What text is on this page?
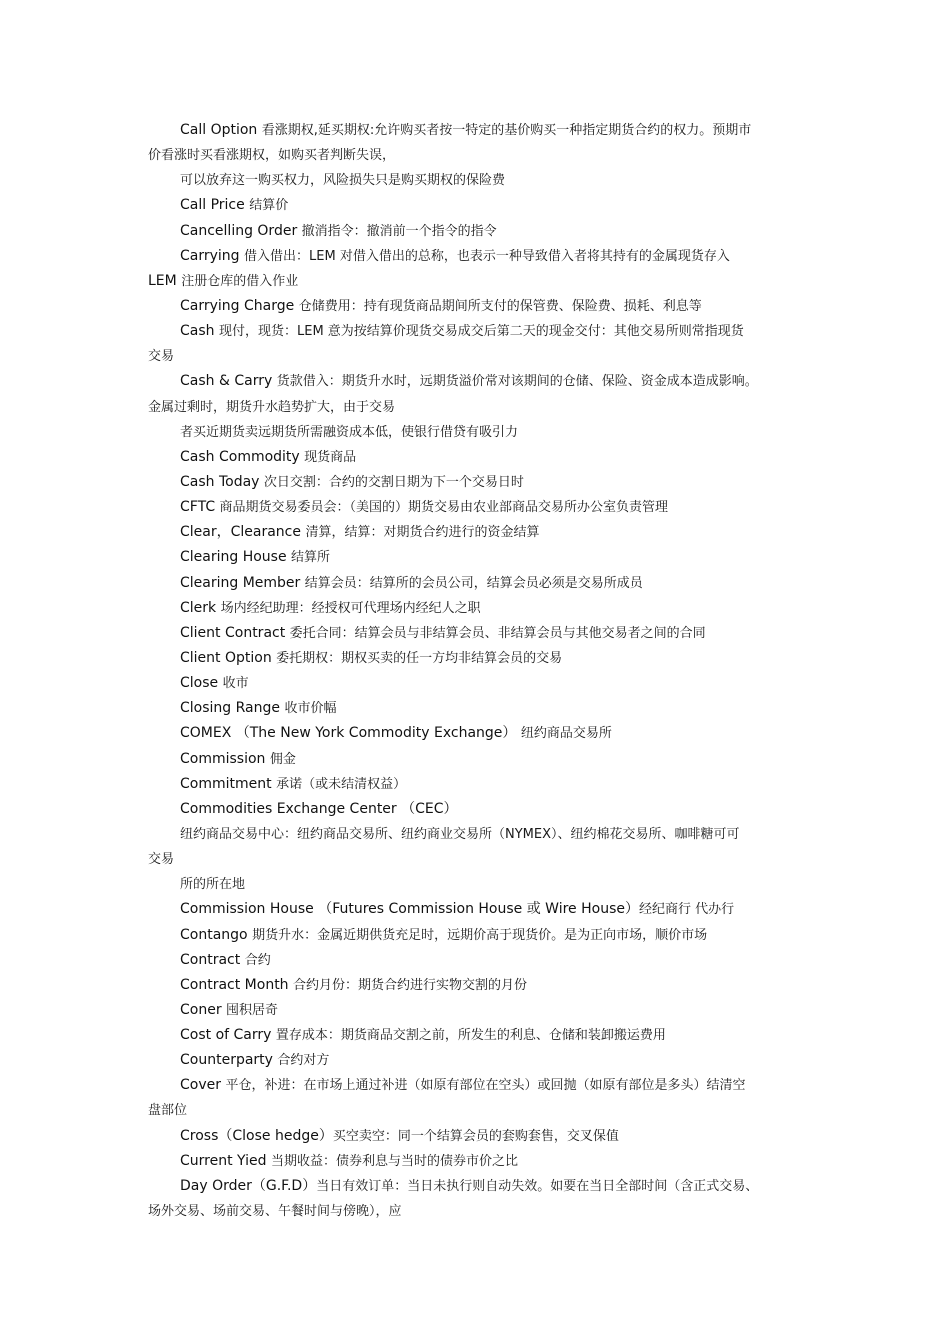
Call Option 看涨期权,延买期权:允许购买者按一特定的基价购买一种指定期货合约的权力。预期市
价看涨时买看涨期权，如购买者判断失误，
可以放弃这一购买权力，风险损失只是购买期权的保险费
Call Price 结算价
Cancelling Order 撤消指令：撤消前一个指令的指令
Carrying 借入借出：LEM 对借入借出的总称，也表示一种导致借入者将其持有的金属现货存入
LEM 注册仓库的借入作业
Carrying Charge 仓储费用：持有现货商品期间所支付的保管费、保险费、损耗、利息等
Cash 现付，现货：LEM 意为按结算价现货交易成交后第二天的现金交付：其他交易所则常指现货
交易
Cash & Carry 货款借入：期货升水时，远期货溢价常对该期间的仓储、保险、资金成本造成影响。
金属过剩时，期货升水趋势扩大，由于交易
者买近期货卖远期货所需融资成本低，使银行借贷有吸引力
Cash Commodity 现货商品
Cash Today 次日交割：合约的交割日期为下一个交易日时
CFTC 商品期货交易委员会：（美国的）期货交易由农业部商品交易所办公室负责管理
Clear，Clearance 清算，结算：对期货合约进行的资金结算
Clearing House 结算所
Clearing Member 结算会员：结算所的会员公司，结算会员必须是交易所成员
Clerk 场内经纪助理：经授权可代理场内经纪人之职
Client Contract 委托合同：结算会员与非结算会员、非结算会员与其他交易者之间的合同
Client Option 委托期权：期权买卖的任一方均非结算会员的交易
Close 收市
Closing Range 收市价幅
COMEX （The New York Commodity Exchange） 纽约商品交易所
Commission 佣金
Commitment 承诺（或未结清权益）
Commodities Exchange Center （CEC）
纽约商品交易中心：纽约商品交易所、纽约商业交易所（NYMEX）、纽约棉花交易所、咖啡糖可可
交易
所的所在地
Commission House （Futures Commission House 或 Wire House）经纪商行 代办行
Contango 期货升水：金属近期供货充足时，远期价高于现货价。是为正向市场，顺价市场
Contract 合约
Contract Month 合约月份：期货合约进行实物交割的月份
Coner 囤积居奇
Cost of Carry 置存成本：期货商品交割之前，所发生的利息、仓储和装卸搬运费用
Counterparty 合约对方
Cover 平仓，补进：在市场上通过补进（如原有部位在空头）或回抛（如原有部位是多头）结清空
盘部位
Cross（Close hedge）买空卖空：同一个结算会员的套购套售，交叉保值
Current Yied 当期收益：债券利息与当时的债券市价之比
Day Order（G.F.D）当日有效订单：当日未执行则自动失效。如要在当日全部时间（含正式交易、
场外交易、场前交易、午餐时间与傍晚），应
